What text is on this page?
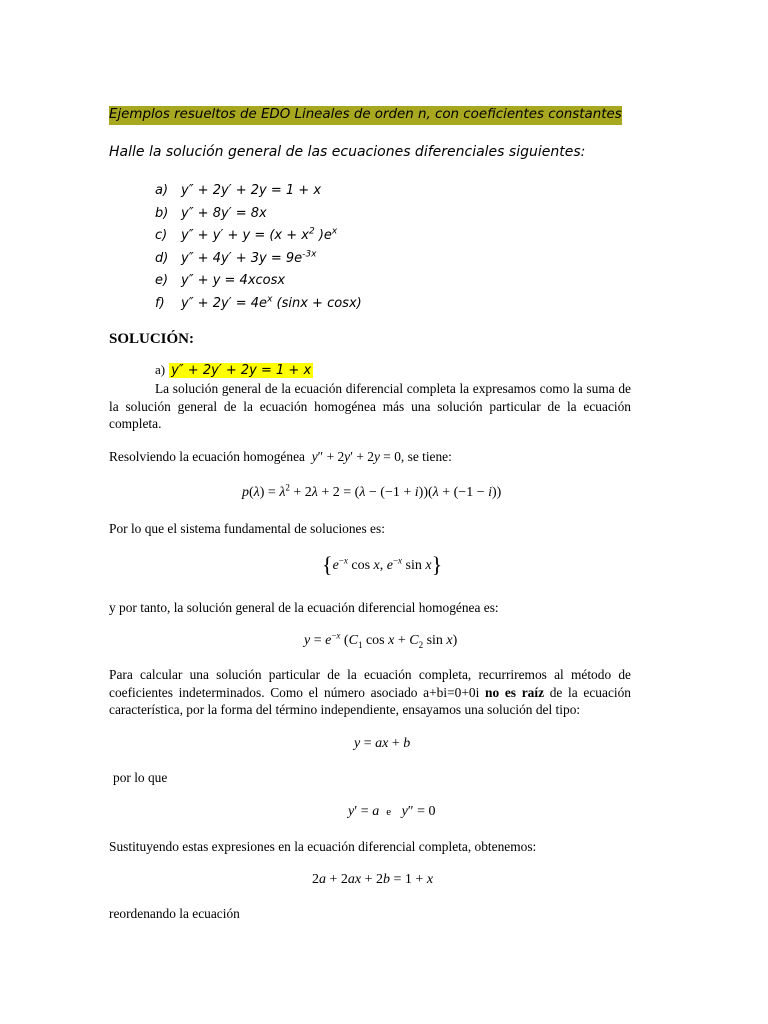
Ejemplos resueltos de EDO Lineales de orden n, con coeficientes constantes
Halle la solución general de las ecuaciones diferenciales siguientes:
a) y″ + 2y′ + 2y = 1 + x
b) y″ + 8y′ = 8x
c) $y'' + y' + y = (x + x^2$ )$e^x$
d) $y'' + 4y' + 3y = 9e^{-3x}$
e) y″ + y = 4xcosx
f) $y'' + 2y' = 4e^x$ (sinx + cosx)
SOLUCIÓN:
a) y″ + 2y′ + 2y = 1 + x
La solución general de la ecuación diferencial completa la expresamos como la suma de la solución general de la ecuación homogénea más una solución particular de la ecuación completa.
Resolviendo la ecuación homogénea y″ + 2y′ + 2y = 0, se tiene:
$p(\lambda) = \lambda^2 + 2\lambda + 2 = (\lambda - (-1 + i))(\lambda + (-1 - i))$
Por lo que el sistema fundamental de soluciones es:
{$e^{-x}$ cos x, $e^{-x}$ sin x}
y por tanto, la solución general de la ecuación diferencial homogénea es:
$y = e^{-x}$ ($C_1$ $\cos x + C_2$ sin x)
Para calcular una solución particular de la ecuación completa, recurriremos al método de coeficientes indeterminados. Como el número asociado a+bi=0+0i no es raíz de la ecuación característica, por la forma del término independiente, ensayamos una solución del tipo:
y = ax + b
por lo que
y′ = a e y″ = 0
Sustituyendo estas expresiones en la ecuación diferencial completa, obtenemos:
2a + 2ax + 2b = 1 + x
reordenando la ecuación
